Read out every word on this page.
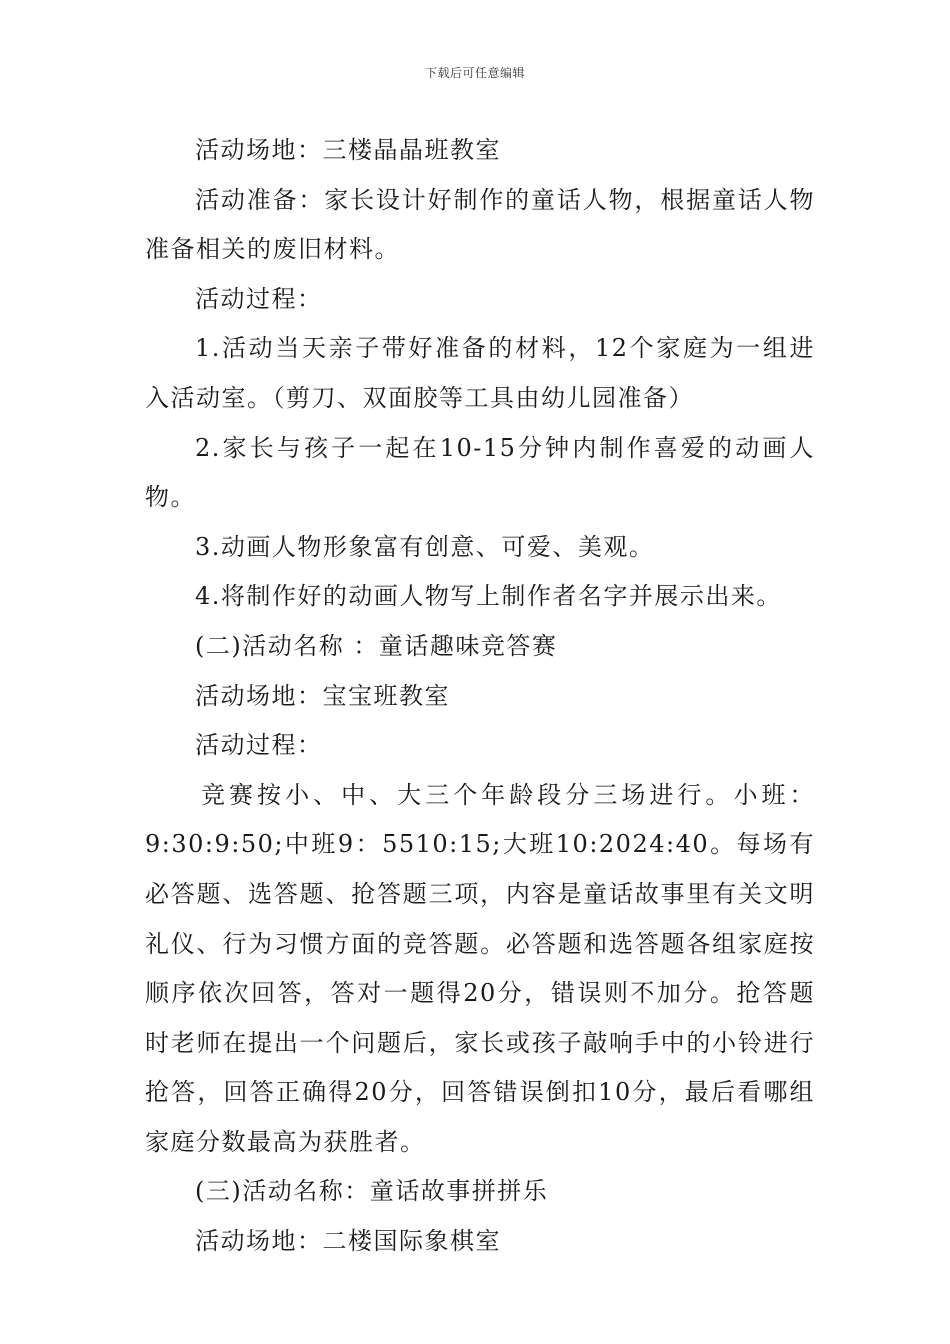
下载后可任意编辑

活动场地：三楼晶晶班教室

活动准备：家长设计好制作的童话人物，根据童话人物准备相关的废旧材料。

活动过程：

1.活动当天亲子带好准备的材料，12个家庭为一组进入活动室。（剪刀、双面胶等工具由幼儿园准备）

2.家长与孩子一起在10-15分钟内制作喜爱的动画人物。

3.动画人物形象富有创意、可爱、美观。

4.将制作好的动画人物写上制作者名字并展示出来。

(二)活动名称 ：童话趣味竞答赛

活动场地：宝宝班教室

活动过程：

竞赛按小、中、大三个年龄段分三场进行。小班：9:30:9:50;中班9：5510:15;大班10:2024:40。每场有必答题、选答题、抢答题三项，内容是童话故事里有关文明礼仪、行为习惯方面的竞答题。必答题和选答题各组家庭按顺序依次回答，答对一题得20分，错误则不加分。抢答题时老师在提出一个问题后，家长或孩子敲响手中的小铃进行抢答，回答正确得20分，回答错误倒扣10分，最后看哪组家庭分数最高为获胜者。

(三)活动名称：童话故事拼拼乐

活动场地：二楼国际象棋室
